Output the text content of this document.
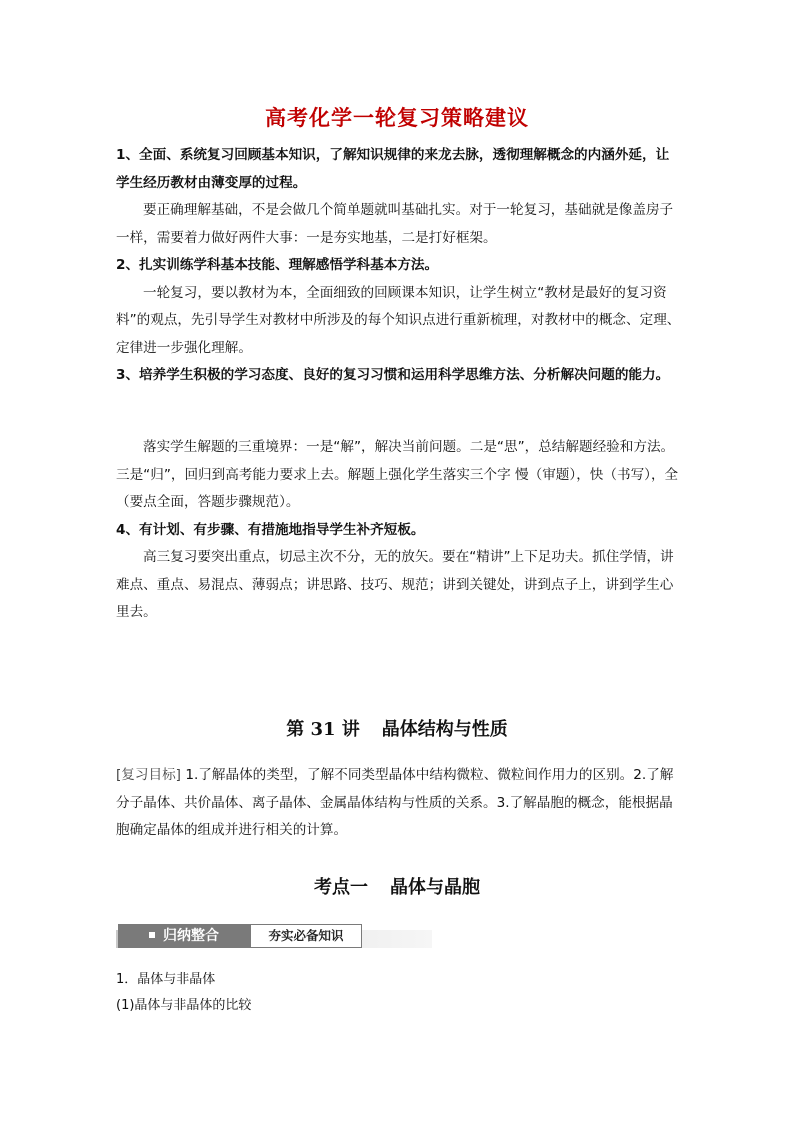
高考化学一轮复习策略建议
1、全面、系统复习回顾基本知识，了解知识规律的来龙去脉，透彻理解概念的内涵外延，让学生经历教材由薄变厚的过程。
要正确理解基础，不是会做几个简单题就叫基础扎实。对于一轮复习，基础就是像盖房子一样，需要着力做好两件大事：一是夯实地基，二是打好框架。
2、扎实训练学科基本技能、理解感悟学科基本方法。
一轮复习，要以教材为本，全面细致的回顾课本知识，让学生树立“教材是最好的复习资料”的观点，先引导学生对教材中所涉及的每个知识点进行重新梳理，对教材中的概念、定理、定律进一步强化理解。
3、培养学生积极的学习态度、良好的复习习惯和运用科学思维方法、分析解决问题的能力。
落实学生解题的三重境界：一是“解”，解决当前问题。二是“思”，总结解题经验和方法。三是“归”，回归到高考能力要求上去。解题上强化学生落实三个字 慢（审题），快（书写），全（要点全面，答题步骤规范）。
4、有计划、有步骤、有措施地指导学生补齐短板。
高三复习要突出重点，切忌主次不分，无的放矢。要在“精讲”上下足功夫。抓住学情，讲难点、重点、易混点、薄弱点；讲思路、技巧、规范；讲到关键处，讲到点子上，讲到学生心里去。
第 31 讲 晶体结构与性质
[复习目标] 1.了解晶体的类型，了解不同类型晶体中结构微粒、微粒间作用力的区别。2.了解分子晶体、共价晶体、离子晶体、金属晶体结构与性质的关系。3.了解晶胞的概念，能根据晶胞确定晶体的组成并进行相关的计算。
考点一 晶体与晶胞
归纳整合	夯实必备知识
1．晶体与非晶体
(1)晶体与非晶体的比较
